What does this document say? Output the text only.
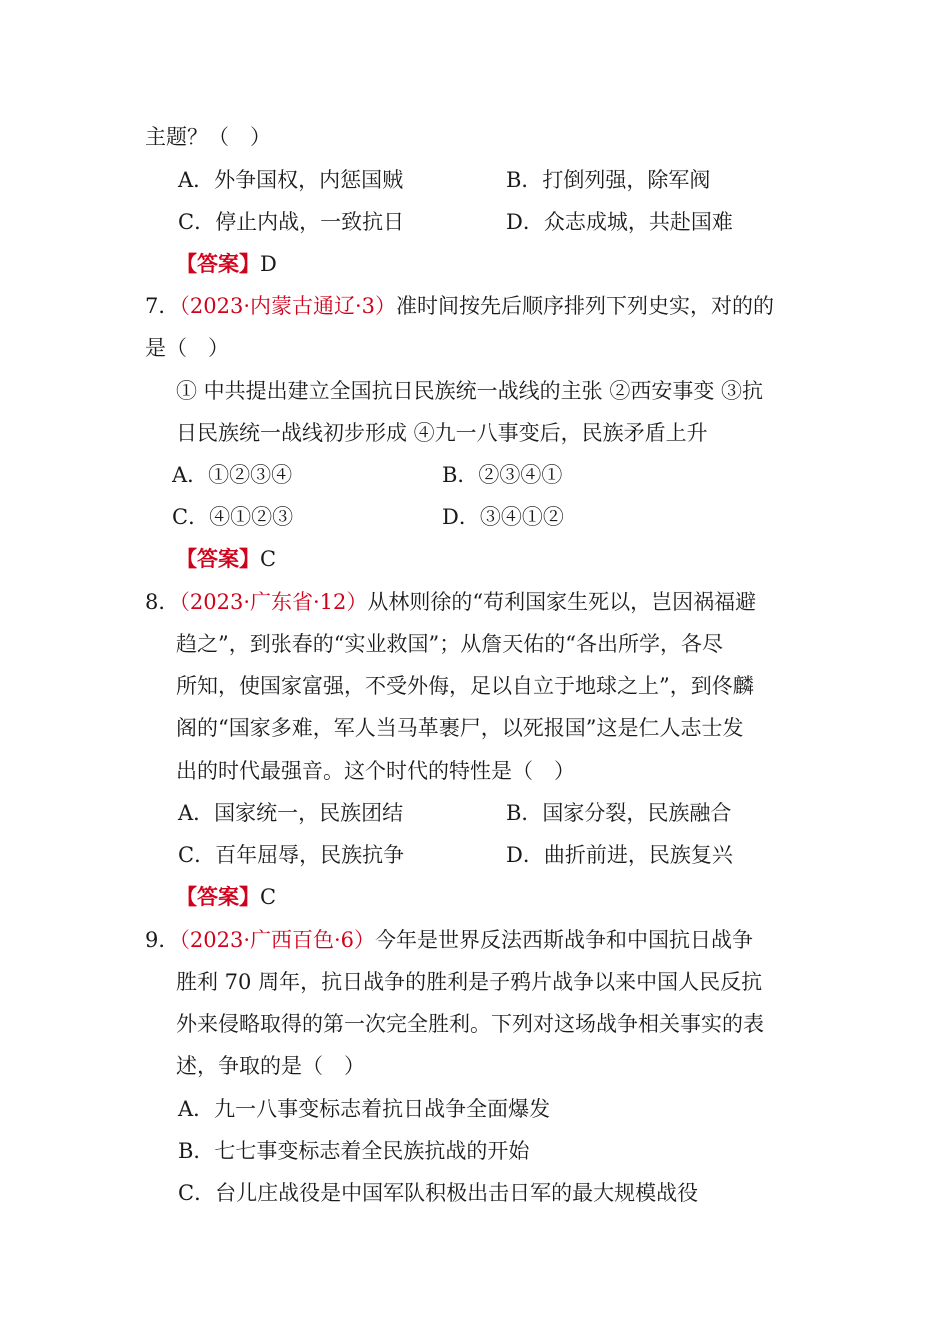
主题？（　）
A．外争国权，内惩国贼	B．打倒列强，除军阀
C．停止内战，一致抗日	D．众志成城，共赴国难
【答案】D
7．（2023·内蒙古通辽·3）准时间按先后顺序排列下列史实，对的的
是（　）
① 中共提出建立全国抗日民族统一战线的主张 ②西安事变 ③抗
日民族统一战线初步形成 ④九一八事变后，民族矛盾上升
A．①②③④	B．②③④①
C．④①②③	D．③④①②
【答案】C
8．（2023·广东省·12）从林则徐的“苟利国家生死以，岂因祸福避
趋之”，到张春的“实业救国”；从詹天佑的“各出所学，各尽
所知，使国家富强，不受外侮，足以自立于地球之上”，到佟麟
阁的“国家多难，军人当马革裹尸，以死报国”这是仁人志士发
出的时代最强音。这个时代的特性是（　）
A．国家统一，民族团结	B．国家分裂，民族融合
C．百年屈辱，民族抗争	D．曲折前进，民族复兴
【答案】C
9．（2023·广西百色·6）今年是世界反法西斯战争和中国抗日战争
胜利 70 周年，抗日战争的胜利是子鸦片战争以来中国人民反抗
外来侵略取得的第一次完全胜利。下列对这场战争相关事实的表
述，争取的是（　）
A．九一八事变标志着抗日战争全面爆发
B．七七事变标志着全民族抗战的开始
C．台儿庄战役是中国军队积极出击日军的最大规模战役
